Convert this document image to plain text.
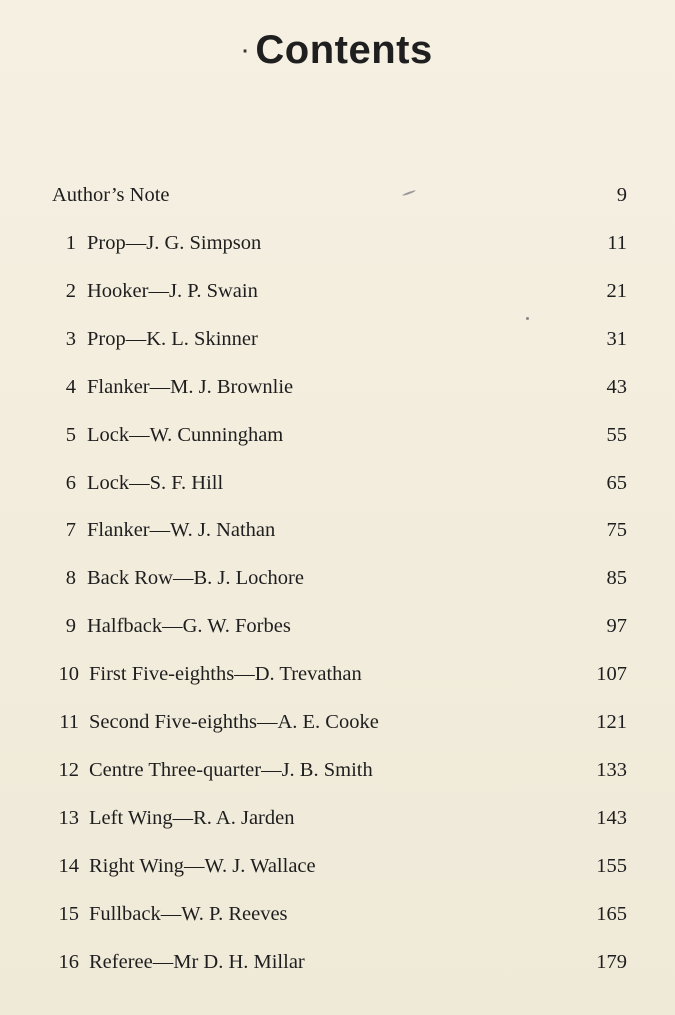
· Contents
Author’s Note	9
1 Prop—J. G. Simpson	11
2 Hooker—J. P. Swain	21
3 Prop—K. L. Skinner	31
4 Flanker—M. J. Brownlie	43
5 Lock—W. Cunningham	55
6 Lock—S. F. Hill	65
7 Flanker—W. J. Nathan	75
8 Back Row—B. J. Lochore	85
9 Halfback—G. W. Forbes	97
10 First Five-eighths—D. Trevathan	107
11 Second Five-eighths—A. E. Cooke	121
12 Centre Three-quarter—J. B. Smith	133
13 Left Wing—R. A. Jarden	143
14 Right Wing—W. J. Wallace	155
15 Fullback—W. P. Reeves	165
16 Referee—Mr D. H. Millar	179
